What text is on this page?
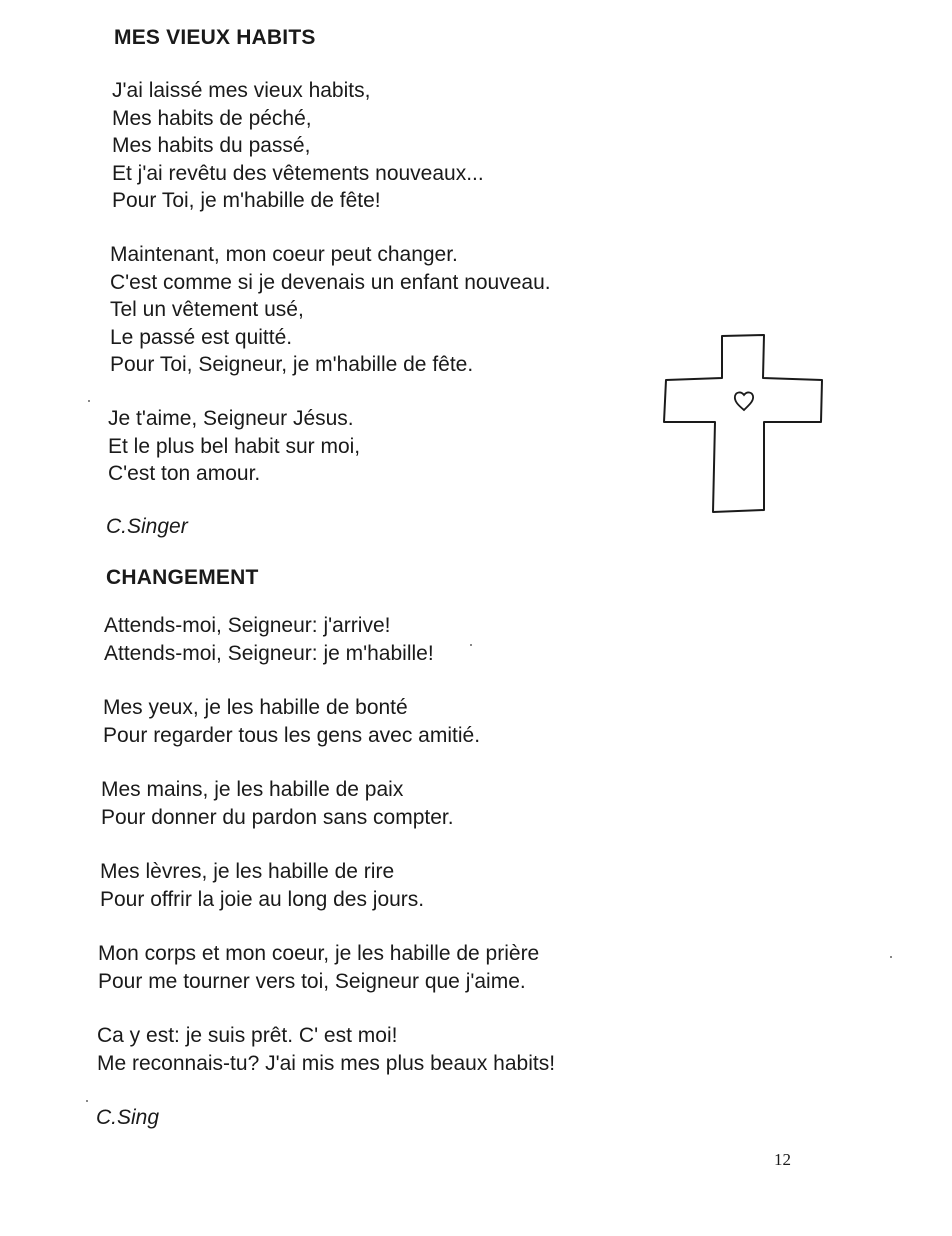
MES VIEUX HABITS
J'ai laissé mes vieux habits,
Mes habits de péché,
Mes habits du passé,
Et j'ai revêtu des vêtements nouveaux...
Pour Toi, je m'habille de fête!
Maintenant, mon coeur peut changer.
C'est comme si je devenais un enfant nouveau.
Tel un vêtement usé,
Le passé est quitté.
Pour Toi, Seigneur, je m'habille de fête.
Je t'aime, Seigneur Jésus.
Et le plus bel habit sur moi,
C'est ton amour.
C.Singer
CHANGEMENT
Attends-moi, Seigneur: j'arrive!
Attends-moi, Seigneur: je m'habille!
Mes yeux, je les habille de bonté
Pour regarder tous les gens avec amitié.
Mes mains, je les habille de paix
Pour donner du pardon sans compter.
Mes lèvres, je les habille de rire
Pour offrir la joie au long des jours.
Mon corps et mon coeur, je les habille de prière
Pour me tourner vers toi, Seigneur que j'aime.
Ca y est: je suis prêt. C' est moi!
Me reconnais-tu? J'ai mis mes plus beaux habits!
C.Sing
12
